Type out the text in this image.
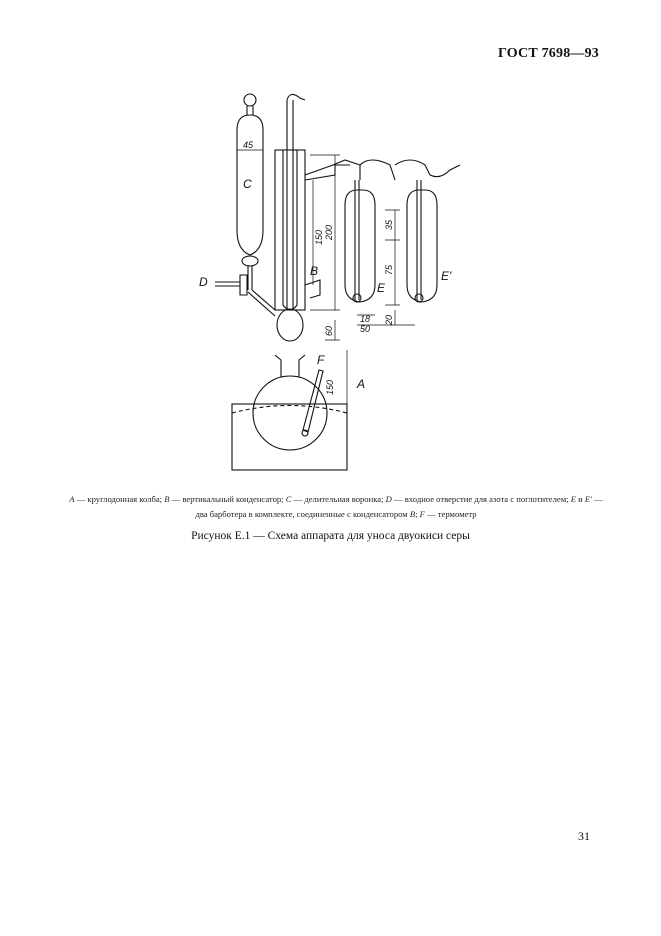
ГОСТ 7698—93
C
D
B
E
E'
F
A
45
200
150
35
75
18
50
20
60
150
A — круглодонная колба; B — вертикальный конденсатор; C — делительная воронка; D — входное отверстие для азота с поглотителем; E и E' — два барботера в комплекте, соединенные с конденсатором B; F — термометр
Рисунок Е.1 — Схема аппарата для уноса двуокиси серы
31
